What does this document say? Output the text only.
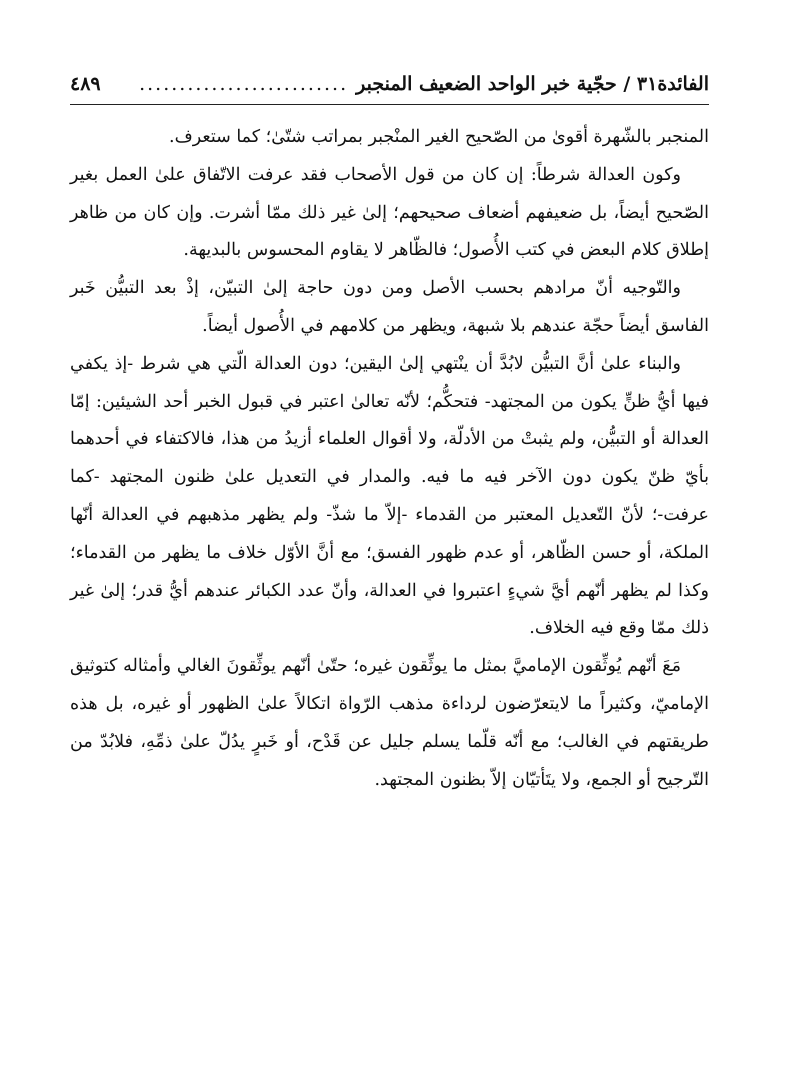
الفائدة٣١ / حجّية خبر الواحد الضعيف المنجبر
..........................
٤٨٩

المنجبر بالشّهرة أقوىٰ من الصّحيح الغير المنْجبر بمراتب شتّىٰ؛ كما ستعرف.

وكون العدالة شرطاً: إن كان من قول الأصحاب فقد عرفت الاتّفاق علىٰ العمل بغير الصّحيح أيضاً، بل ضعيفهم أضعاف صحيحهم؛ إلىٰ غير ذلك ممّا أشرت. وإن كان من ظاهر إطلاق كلام البعض في كتب الأُصول؛ فالظّاهر لا يقاوم المحسوس بالبديهة.

والتّوجيه أنّ مرادهم بحسب الأصل ومن دون حاجة إلىٰ التبيّن، إذْ بعد التبيُّن خَبر الفاسق أيضاً حجّة عندهم بلا شبهة، ويظهر من كلامهم في الأُصول أيضاً.

والبناء علىٰ أنَّ التبيُّن لابُدَّ أن ينْتهي إلىٰ اليقين؛ دون العدالة الّتي هي شرط -إذ يكفي فيها أيُّ ظنٍّ يكون من المجتهد- فتحكُّم؛ لأنّه تعالىٰ اعتبر في قبول الخبر أحد الشيئين: إمّا العدالة أو التبيُّن، ولم يثبتْ من الأدلّة، ولا أقوال العلماء أزيدُ من هذا، فالاكتفاء في أحدهما بأيّ ظنّ يكون دون الآخر فيه ما فيه. والمدار في التعديل علىٰ ظنون المجتهد -كما عرفت-؛ لأنّ التّعديل المعتبر من القدماء -إلاّ ما شذّ- ولم يظهر مذهبهم في العدالة أنّها الملكة، أو حسن الظّاهر، أو عدم ظهور الفسق؛ مع أنَّ الأوّل خلاف ما يظهر من القدماء؛ وكذا لم يظهر أنّهم أيَّ شيءٍ اعتبروا في العدالة، وأنّ عدد الكبائر عندهم أيُّ قدر؛ إلىٰ غير ذلك ممّا وقع فيه الخلاف.

مَعَ أنّهم يُوثِّقون الإماميَّ بمثل ما يوثِّقون غيره؛ حتّىٰ أنّهم يوثِّقونَ الغالي وأمثاله كتوثيق الإماميّ، وكثيراً ما لايتعرّضون لرداءة مذهب الرّواة اتكالاً علىٰ الظهور أو غيره، بل هذه طريقتهم في الغالب؛ مع أنّه قلّما يسلم جليل عن قَدْح، أو خَبرٍ يدُلّ علىٰ ذمِّهِ، فلابُدّ من التّرجيح أو الجمع، ولا يتَأتيّان إلاّ بظنون المجتهد.
